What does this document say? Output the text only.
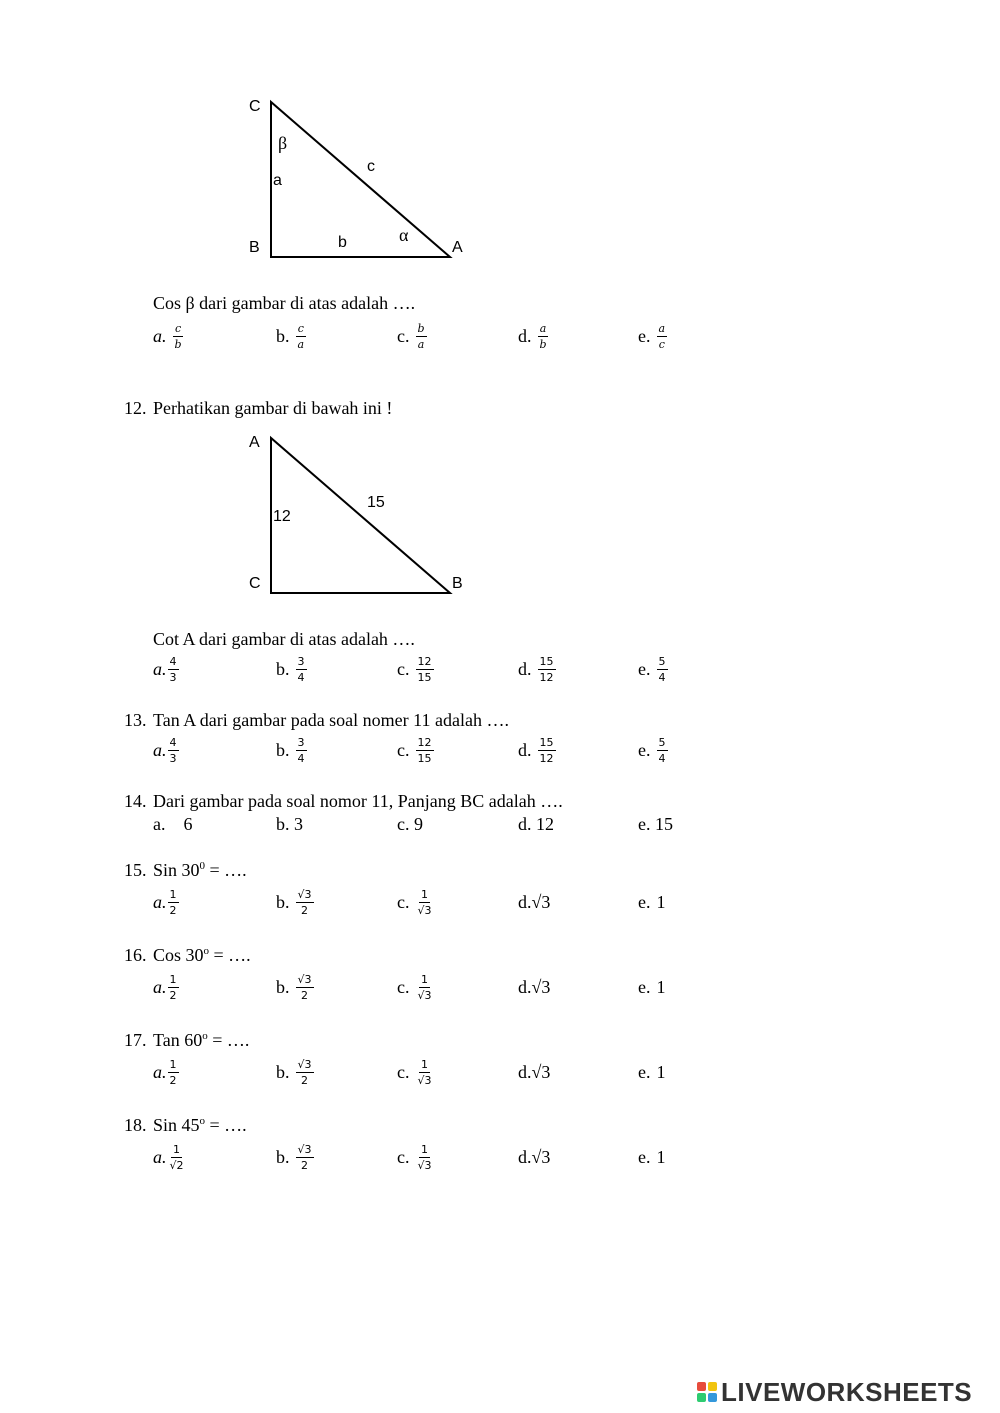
C
B	A
β
α
a
b
c
Cos β dari gambar di atas adalah ….
a. $\frac{c}{b}$	b. $\frac{c}{a}$	c. $\frac{b}{a}$	d. $\frac{a}{b}$	e. $\frac{a}{c}$
12. Perhatikan gambar di bawah ini !
A
C	B
12
15
Cot A dari gambar di atas adalah ….
a. $\frac{4}{3}$	b. $\frac{3}{4}$	c. $\frac{12}{15}$	d. $\frac{15}{12}$	e. $\frac{5}{4}$
13. Tan A dari gambar pada soal nomer 11 adalah ….
a. $\frac{4}{3}$	b. $\frac{3}{4}$	c. $\frac{12}{15}$	d. $\frac{15}{12}$	e. $\frac{5}{4}$
14. Dari gambar pada soal nomor 11, Panjang BC adalah ….
a.    6	b. 3	c. 9	d. 12	e. 15
15. Sin $30^0$ = ….
a. $\frac{1}{2}$	b. $\frac{√3}{2}$	c. $\frac{1}{√3}$	d. √3	e. 1
16. Cos $30^o$ = ….
a. $\frac{1}{2}$	b. $\frac{√3}{2}$	c. $\frac{1}{√3}$	d. √3	e. 1
17. Tan $60^o$ = ….
a. $\frac{1}{2}$	b. $\frac{√3}{2}$	c. $\frac{1}{√3}$	d. √3	e. 1
18. Sin $45^o$ = ….
a. $\frac{1}{√2}$	b. $\frac{√3}{2}$	c. $\frac{1}{√3}$	d. √3	e. 1
LIVEWORKSHEETS
